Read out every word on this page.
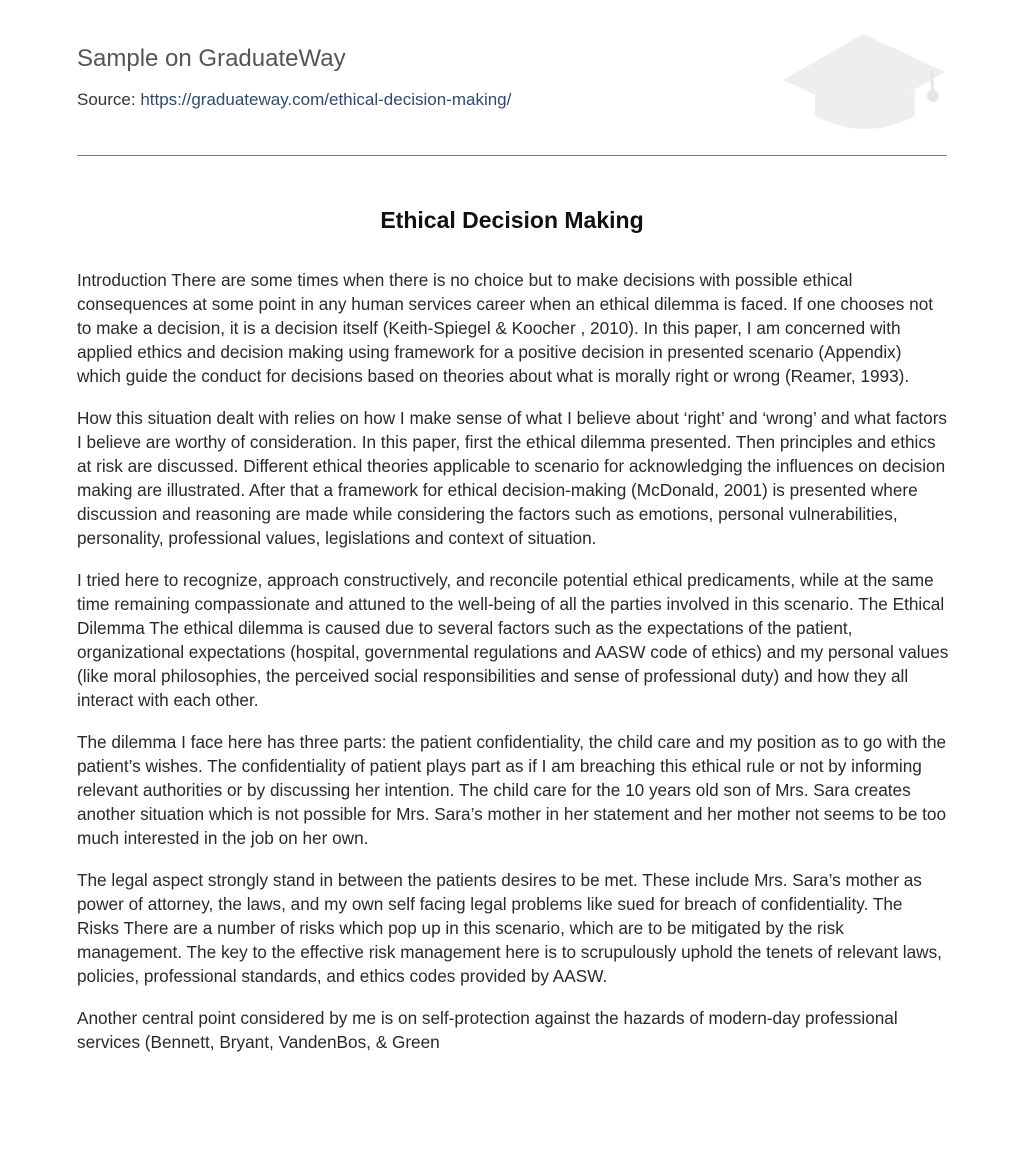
Sample on GraduateWay
Source: https://graduateway.com/ethical-decision-making/
Ethical Decision Making

Introduction There are some times when there is no choice but to make decisions with possible ethical consequences at some point in any human services career when an ethical dilemma is faced. If one chooses not to make a decision, it is a decision itself (Keith-Spiegel & Koocher , 2010). In this paper, I am concerned with applied ethics and decision making using framework for a positive decision in presented scenario (Appendix) which guide the conduct for decisions based on theories about what is morally right or wrong (Reamer, 1993).

How this situation dealt with relies on how I make sense of what I believe about ‘right’ and ‘wrong’ and what factors I believe are worthy of consideration. In this paper, first the ethical dilemma presented. Then principles and ethics at risk are discussed. Different ethical theories applicable to scenario for acknowledging the influences on decision making are illustrated. After that a framework for ethical decision-making (McDonald, 2001) is presented where discussion and reasoning are made while considering the factors such as emotions, personal vulnerabilities, personality, professional values, legislations and context of situation.

I tried here to recognize, approach constructively, and reconcile potential ethical predicaments, while at the same time remaining compassionate and attuned to the well-being of all the parties involved in this scenario. The Ethical Dilemma The ethical dilemma is caused due to several factors such as the expectations of the patient, organizational expectations (hospital, governmental regulations and AASW code of ethics) and my personal values (like moral philosophies, the perceived social responsibilities and sense of professional duty) and how they all interact with each other.

The dilemma I face here has three parts: the patient confidentiality, the child care and my position as to go with the patient’s wishes. The confidentiality of patient plays part as if I am breaching this ethical rule or not by informing relevant authorities or by discussing her intention. The child care for the 10 years old son of Mrs. Sara creates another situation which is not possible for Mrs. Sara’s mother in her statement and her mother not seems to be too much interested in the job on her own.

The legal aspect strongly stand in between the patients desires to be met. These include Mrs. Sara’s mother as power of attorney, the laws, and my own self facing legal problems like sued for breach of confidentiality. The Risks There are a number of risks which pop up in this scenario, which are to be mitigated by the risk management. The key to the effective risk management here is to scrupulously uphold the tenets of relevant laws, policies, professional standards, and ethics codes provided by AASW.

Another central point considered by me is on self-protection against the hazards of modern-day professional services (Bennett, Bryant, VandenBos, & Green
